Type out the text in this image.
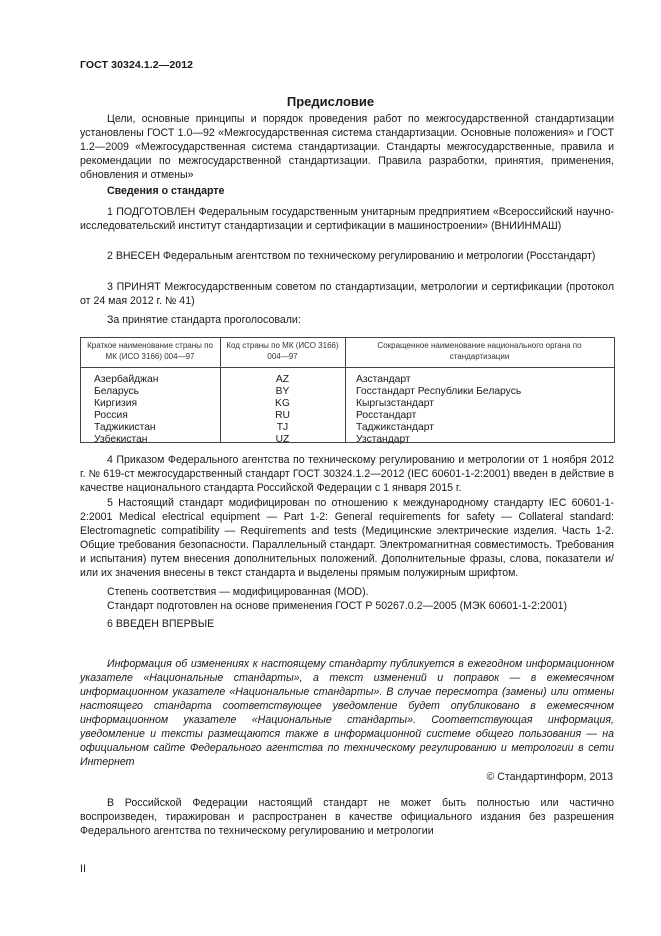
ГОСТ 30324.1.2—2012
Предисловие
Цели, основные принципы и порядок проведения работ по межгосударственной стандартизации установлены ГОСТ 1.0—92 «Межгосударственная система стандартизации. Основные положения» и ГОСТ 1.2—2009 «Межгосударственная система стандартизации. Стандарты межгосударственные, правила и рекомендации по межгосударственной стандартизации. Правила разработки, принятия, применения, обновления и отмены»
Сведения о стандарте
1 ПОДГОТОВЛЕН Федеральным государственным унитарным предприятием «Всероссийский научно-исследовательский институт стандартизации и сертификации в машиностроении» (ВНИИНМАШ)
2 ВНЕСЕН Федеральным агентством по техническому регулированию и метрологии (Росстандарт)
3 ПРИНЯТ Межгосударственным советом по стандартизации, метрологии и сертификации (протокол от 24 мая 2012 г. № 41)
За принятие стандарта проголосовали:
Краткое наименование страны по МК (ИСО 3166) 004—97	Код страны по МК (ИСО 3166) 004—97	Сокращенное наименование национального органа по стандартизации
Азербайджан	AZ	Азстандарт
Беларусь	BY	Госстандарт Республики Беларусь
Киргизия	KG	Кыргызстандарт
Россия	RU	Росстандарт
Таджикистан	TJ	Таджикстандарт
Узбекистан	UZ	Узстандарт
4 Приказом Федерального агентства по техническому регулированию и метрологии от 1 ноября 2012 г. № 619-ст межгосударственный стандарт ГОСТ 30324.1.2—2012 (IEC 60601-1-2:2001) введен в действие в качестве национального стандарта Российской Федерации с 1 января 2015 г.
5 Настоящий стандарт модифицирован по отношению к международному стандарту IEC 60601-1-2:2001 Medical electrical equipment — Part 1-2: General requirements for safety — Collateral standard: Electromagnetic compatibility — Requirements and tests (Медицинские электрические изделия. Часть 1-2. Общие требования безопасности. Параллельный стандарт. Электромагнитная совместимость. Требования и испытания) путем внесения дополнительных положений. Дополнительные фразы, слова, показатели и/или их значения внесены в текст стандарта и выделены прямым полужирным шрифтом.
Степень соответствия — модифицированная (MOD).
Стандарт подготовлен на основе применения ГОСТ Р 50267.0.2—2005 (МЭК 60601-1-2:2001)
6 ВВЕДЕН ВПЕРВЫЕ
Информация об изменениях к настоящему стандарту публикуется в ежегодном информационном указателе «Национальные стандарты», а текст изменений и поправок — в ежемесячном информационном указателе «Национальные стандарты». В случае пересмотра (замены) или отмены настоящего стандарта соответствующее уведомление будет опубликовано в ежемесячном информационном указателе «Национальные стандарты». Соответствующая информация, уведомление и тексты размещаются также в информационной системе общего пользования — на официальном сайте Федерального агентства по техническому регулированию и метрологии в сети Интернет
© Стандартинформ, 2013
В Российской Федерации настоящий стандарт не может быть полностью или частично воспроизведен, тиражирован и распространен в качестве официального издания без разрешения Федерального агентства по техническому регулированию и метрологии
II
